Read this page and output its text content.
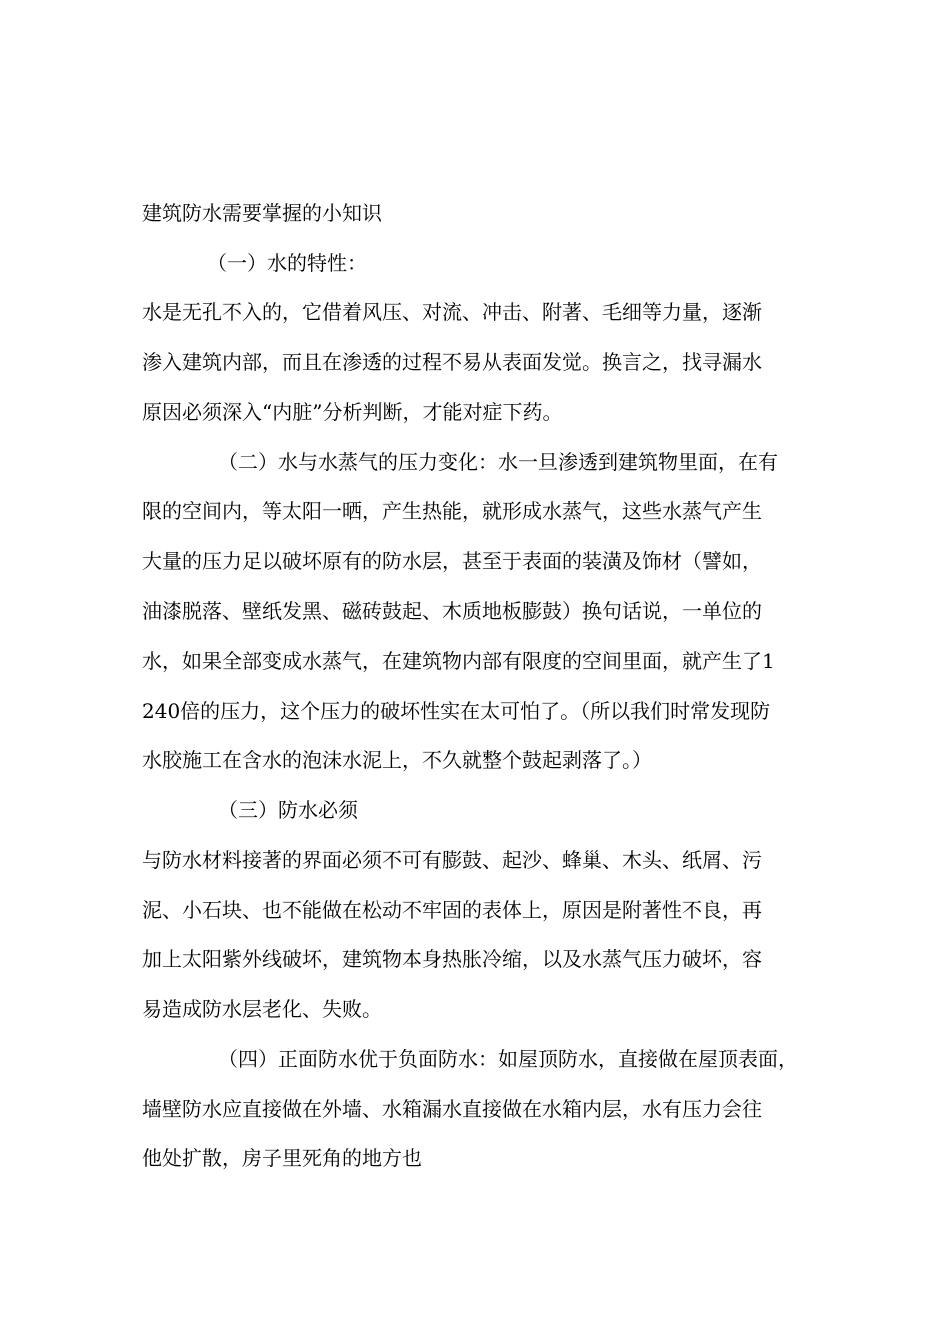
建筑防水需要掌握的小知识
（一）水的特性：
水是无孔不入的，它借着风压、对流、冲击、附著、毛细等力量，逐渐
渗入建筑内部，而且在渗透的过程不易从表面发觉。换言之，找寻漏水
原因必须深入“内脏”分析判断，才能对症下药。
（二）水与水蒸气的压力变化：水一旦渗透到建筑物里面，在有
限的空间内，等太阳一晒，产生热能，就形成水蒸气，这些水蒸气产生
大量的压力足以破坏原有的防水层，甚至于表面的装潢及饰材（譬如，
油漆脱落、壁纸发黑、磁砖鼓起、木质地板膨鼓）换句话说，一单位的
水，如果全部变成水蒸气，在建筑物内部有限度的空间里面，就产生了1
240倍的压力，这个压力的破坏性实在太可怕了。（所以我们时常发现防
水胶施工在含水的泡沫水泥上，不久就整个鼓起剥落了。）
（三）防水必须
与防水材料接著的界面必须不可有膨鼓、起沙、蜂巢、木头、纸屑、污
泥、小石块、也不能做在松动不牢固的表体上，原因是附著性不良，再
加上太阳紫外线破坏，建筑物本身热胀冷缩，以及水蒸气压力破坏，容
易造成防水层老化、失败。
（四）正面防水优于负面防水：如屋顶防水，直接做在屋顶表面，
墙壁防水应直接做在外墙、水箱漏水直接做在水箱内层，水有压力会往
他处扩散，房子里死角的地方也
